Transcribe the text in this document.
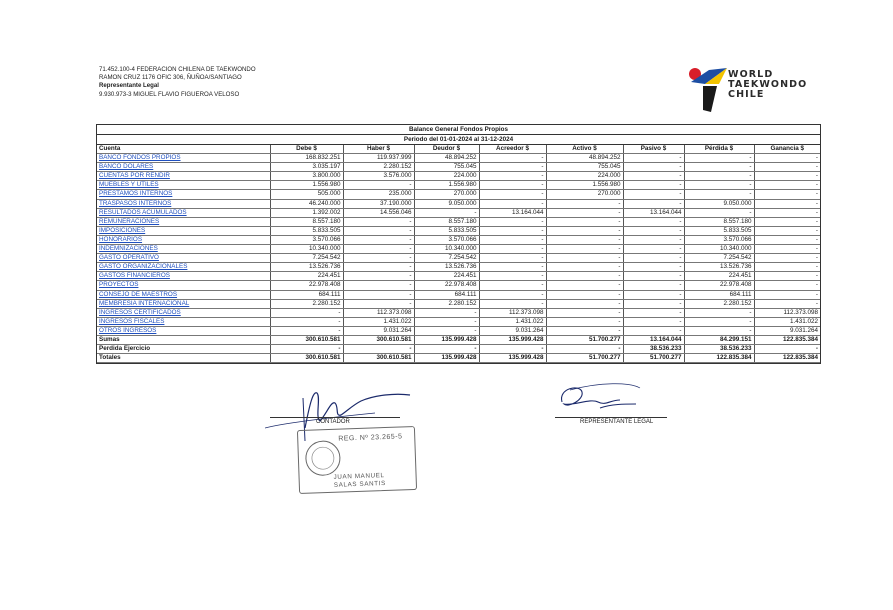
71.452.100-4 FEDERACION CHILENA DE TAEKWONDO
RAMON CRUZ 1176 OFIC 306, ÑUÑOA/SANTIAGO
Representante Legal
9.930.973-3 MIGUEL FLAVIO FIGUEROA VELOSO
WORLD
TAEKWONDO
CHILE
Balance General Fondos Propios
Periodo del 01-01-2024 al 31-12-2024
Cuenta	Debe $	Haber $	Deudor $	Acreedor $	Activo $	Pasivo $	Pérdida $	Ganancia $
BANCO FONDOS PROPIOS	168.832.251	119.937.999	48.894.252	-	48.894.252	-	-	-
BANCO DOLARES	3.035.197	2.280.152	755.045	-	755.045	-	-	-
CUENTAS POR RENDIR	3.800.000	3.576.000	224.000	-	224.000	-	-	-
MUEBLES Y UTILES	1.556.980	-	1.556.980	-	1.556.980	-	-	-
PRESTAMOS INTERNOS	505.000	235.000	270.000	-	270.000	-	-	-
TRASPASOS INTERNOS	46.240.000	37.190.000	9.050.000	-	-	-	9.050.000	-
RESULTADOS ACUMULADOS	1.392.002	14.556.046	-	13.164.044	-	13.164.044	-	-
REMUNERACIONES	8.557.180	-	8.557.180	-	-	-	8.557.180	-
IMPOSICIONES	5.833.505	-	5.833.505	-	-	-	5.833.505	-
HONORARIOS	3.570.066	-	3.570.066	-	-	-	3.570.066	-
INDEMNIZACIONES	10.340.000	-	10.340.000	-	-	-	10.340.000	-
GASTO OPERATIVO	7.254.542	-	7.254.542	-	-	-	7.254.542	-
GASTO ORGANIZACIONALES	13.526.736	-	13.526.736	-	-	-	13.526.736	-
GASTOS FINANCIEROS	224.451	-	224.451	-	-	-	224.451	-
PROYECTOS	22.978.408	-	22.978.408	-	-	-	22.978.408	-
CONSEJO DE MAESTROS	684.111	-	684.111	-	-	-	684.111	-
MEMBRESIA INTERNACIONAL	2.280.152	-	2.280.152	-	-	-	2.280.152	-
INGRESOS CERTIFICADOS	-	112.373.098	-	112.373.098	-	-	-	112.373.098
INGRESOS FISCALES	-	1.431.022	-	1.431.022	-	-	-	1.431.022
OTROS INGRESOS	-	9.031.264	-	9.031.264	-	-	-	9.031.264
Sumas	300.610.581	300.610.581	135.999.428	135.999.428	51.700.277	13.164.044	84.299.151	122.835.384
Perdida Ejercicio	-	-	-	-	-	38.536.233	38.536.233	-
Totales	300.610.581	300.610.581	135.999.428	135.999.428	51.700.277	51.700.277	122.835.384	122.835.384
CONTADOR
REG. Nº 23.265-5
JUAN MANUEL
SALAS SANTIS
REPRESENTANTE LEGAL
